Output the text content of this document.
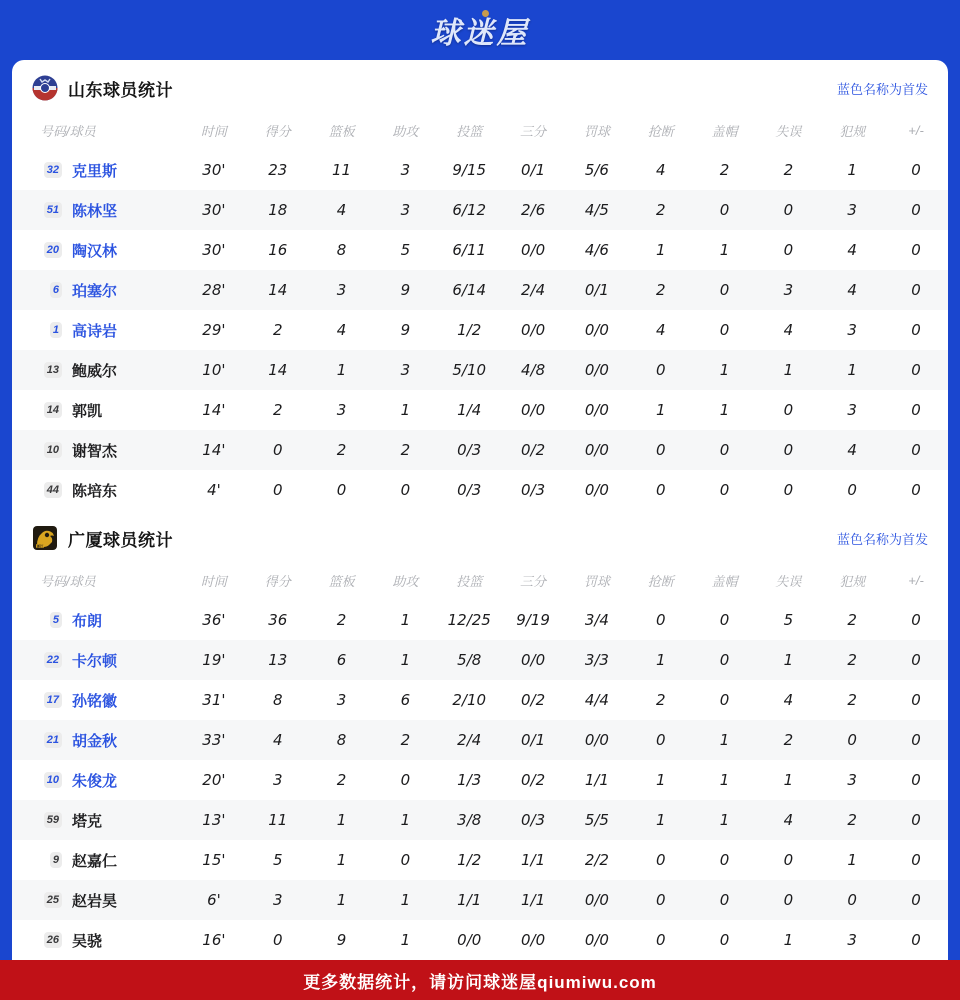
球迷屋
山东球员统计	蓝色名称为首发
号码/球员	时间	得分	篮板	助攻	投篮	三分	罚球	抢断	盖帽	失误	犯规	+/-

32 克里斯	30'	23	11	3	9/15	0/1	5/6	4	2	2	1	0

51 陈林坚	30'	18	4	3	6/12	2/6	4/5	2	0	0	3	0

20 陶汉林	30'	16	8	5	6/11	0/0	4/6	1	1	0	4	0

6 珀塞尔	28'	14	3	9	6/14	2/4	0/1	2	0	3	4	0

1 高诗岩	29'	2	4	9	1/2	0/0	0/0	4	0	4	3	0

13 鲍威尔	10'	14	1	3	5/10	4/8	0/0	0	1	1	1	0

14 郭凯	14'	2	3	1	1/4	0/0	0/0	1	1	0	3	0

10 谢智杰	14'	0	2	2	0/3	0/2	0/0	0	0	0	4	0

44 陈培东	4'	0	0	0	0/3	0/3	0/0	0	0	0	0	0
浙江 广厦球员统计	蓝色名称为首发
号码/球员	时间	得分	篮板	助攻	投篮	三分	罚球	抢断	盖帽	失误	犯规	+/-

5 布朗	36'	36	2	1	12/25	9/19	3/4	0	0	5	2	0

22 卡尔顿	19'	13	6	1	5/8	0/0	3/3	1	0	1	2	0

17 孙铭徽	31'	8	3	6	2/10	0/2	4/4	2	0	4	2	0

21 胡金秋	33'	4	8	2	2/4	0/1	0/0	0	1	2	0	0

10 朱俊龙	20'	3	2	0	1/3	0/2	1/1	1	1	1	3	0

59 塔克	13'	11	1	1	3/8	0/3	5/5	1	1	4	2	0

9 赵嘉仁	15'	5	1	0	1/2	1/1	2/2	0	0	0	1	0

25 赵岩昊	6'	3	1	1	1/1	1/1	0/0	0	0	0	0	0

26 吴骁	16'	0	9	1	0/0	0/0	0/0	0	0	1	3	0
更多数据统计，请访问球迷屋qiumiwu.com
